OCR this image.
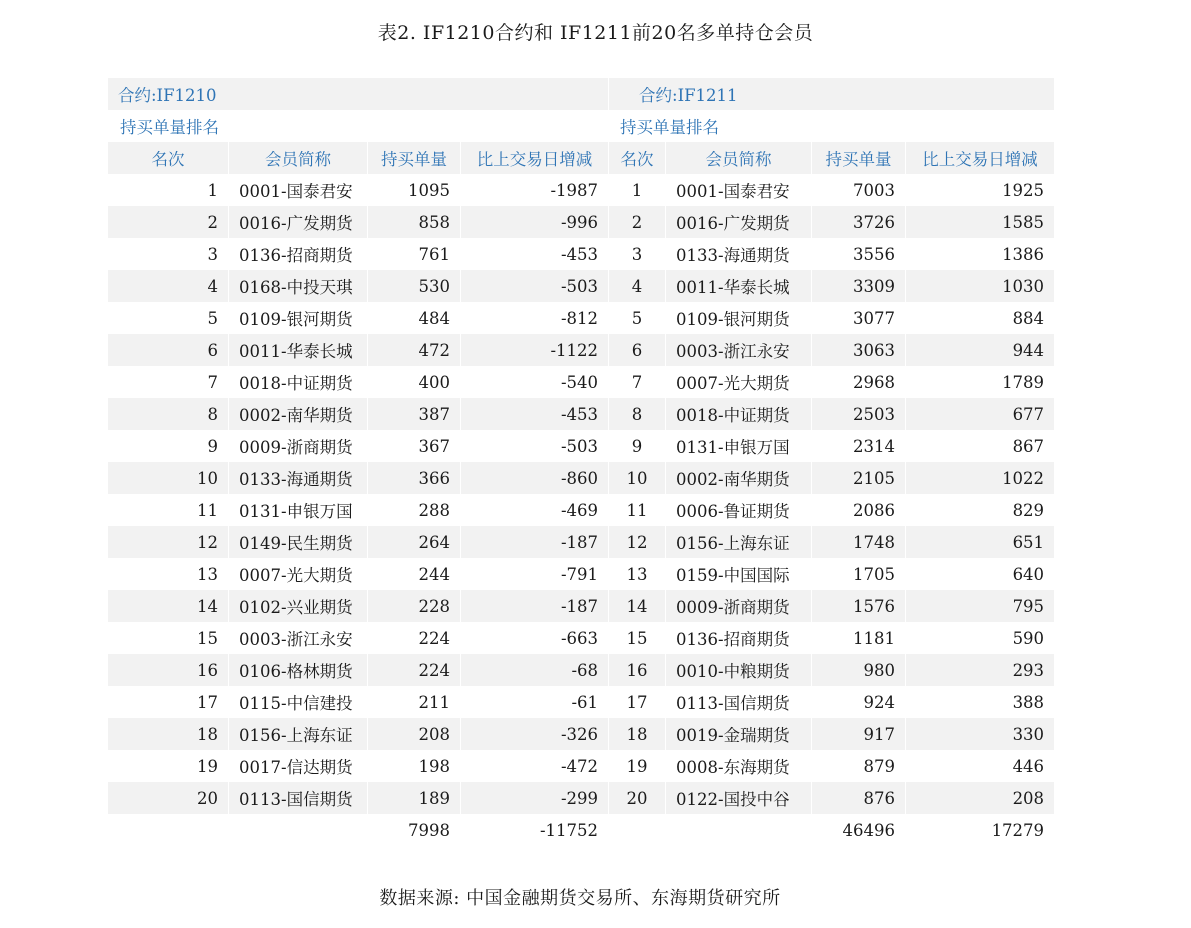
表2. IF1210合约和 IF1211前20名多单持仓会员
合约:IF1210				合约:IF1211			
持买单量排名				持买单量排名			
名次	会员简称	持买单量	比上交易日增减	名次	会员简称	持买单量	比上交易日增减
1	0001-国泰君安	1095	-1987	1	0001-国泰君安	7003	1925
2	0016-广发期货	858	-996	2	0016-广发期货	3726	1585
3	0136-招商期货	761	-453	3	0133-海通期货	3556	1386
4	0168-中投天琪	530	-503	4	0011-华泰长城	3309	1030
5	0109-银河期货	484	-812	5	0109-银河期货	3077	884
6	0011-华泰长城	472	-1122	6	0003-浙江永安	3063	944
7	0018-中证期货	400	-540	7	0007-光大期货	2968	1789
8	0002-南华期货	387	-453	8	0018-中证期货	2503	677
9	0009-浙商期货	367	-503	9	0131-申银万国	2314	867
10	0133-海通期货	366	-860	10	0002-南华期货	2105	1022
11	0131-申银万国	288	-469	11	0006-鲁证期货	2086	829
12	0149-民生期货	264	-187	12	0156-上海东证	1748	651
13	0007-光大期货	244	-791	13	0159-中国国际	1705	640
14	0102-兴业期货	228	-187	14	0009-浙商期货	1576	795
15	0003-浙江永安	224	-663	15	0136-招商期货	1181	590
16	0106-格林期货	224	-68	16	0010-中粮期货	980	293
17	0115-中信建投	211	-61	17	0113-国信期货	924	388
18	0156-上海东证	208	-326	18	0019-金瑞期货	917	330
19	0017-信达期货	198	-472	19	0008-东海期货	879	446
20	0113-国信期货	189	-299	20	0122-国投中谷	876	208
		7998	-11752			46496	17279
数据来源: 中国金融期货交易所、东海期货研究所
